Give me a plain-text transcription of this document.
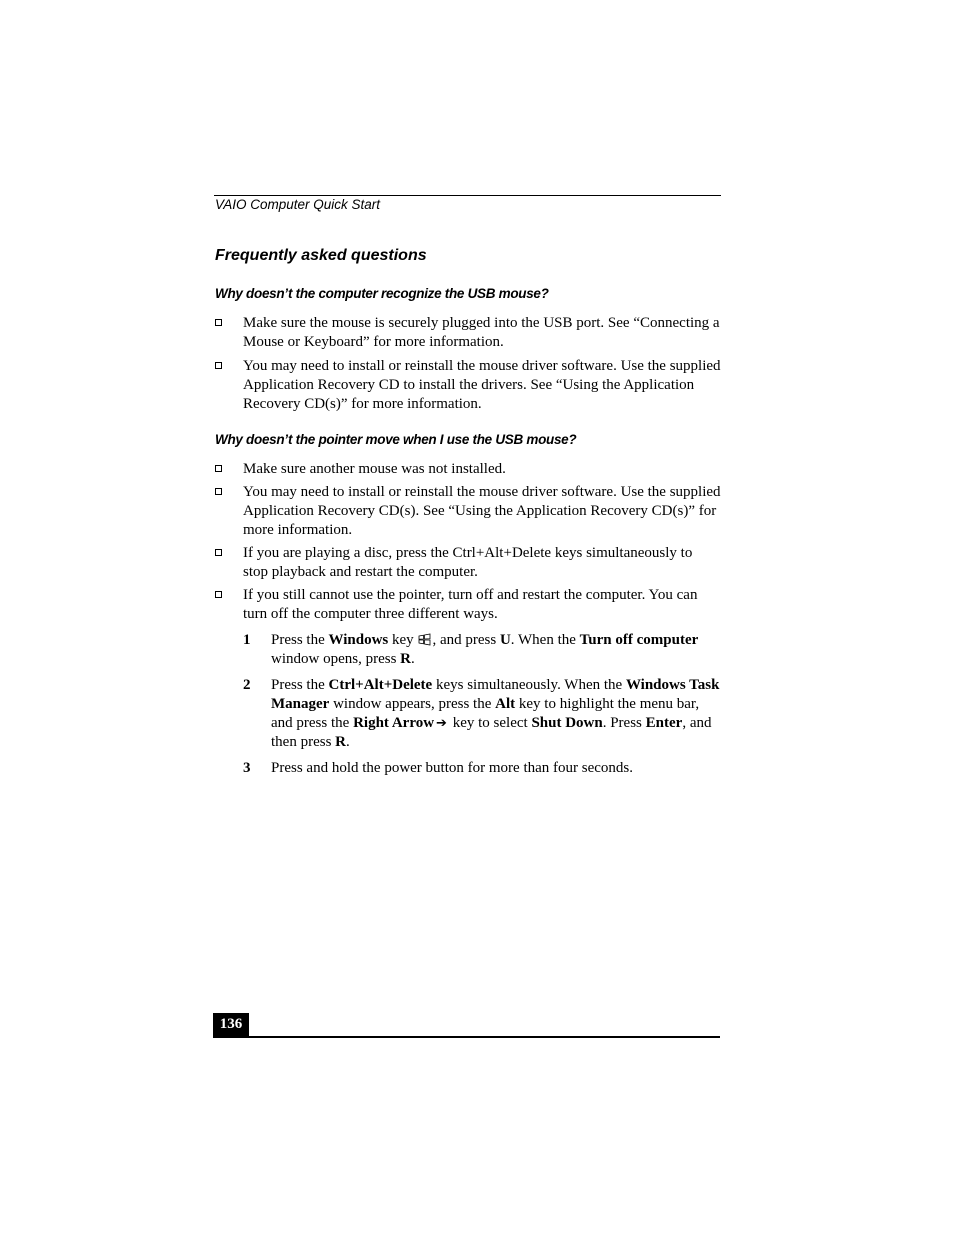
VAIO Computer Quick Start
Frequently asked questions
Why doesn’t the computer recognize the USB mouse?
Make sure the mouse is securely plugged into the USB port. See “Connecting a Mouse or Keyboard” for more information.
You may need to install or reinstall the mouse driver software. Use the supplied Application Recovery CD to install the drivers. See “Using the Application Recovery CD(s)” for more information.
Why doesn’t the pointer move when I use the USB mouse?
Make sure another mouse was not installed.
You may need to install or reinstall the mouse driver software. Use the supplied Application Recovery CD(s). See “Using the Application Recovery CD(s)” for more information.
If you are playing a disc, press the Ctrl+Alt+Delete keys simultaneously to stop playback and restart the computer.
If you still cannot use the pointer, turn off and restart the computer. You can turn off the computer three different ways.
1 Press the Windows key , and press U. When the Turn off computer window opens, press R.
2 Press the Ctrl+Alt+Delete keys simultaneously. When the Windows Task Manager window appears, press the Alt key to highlight the menu bar, and press the Right Arrow ➔ key to select Shut Down. Press Enter, and then press R.
3 Press and hold the power button for more than four seconds.
136
